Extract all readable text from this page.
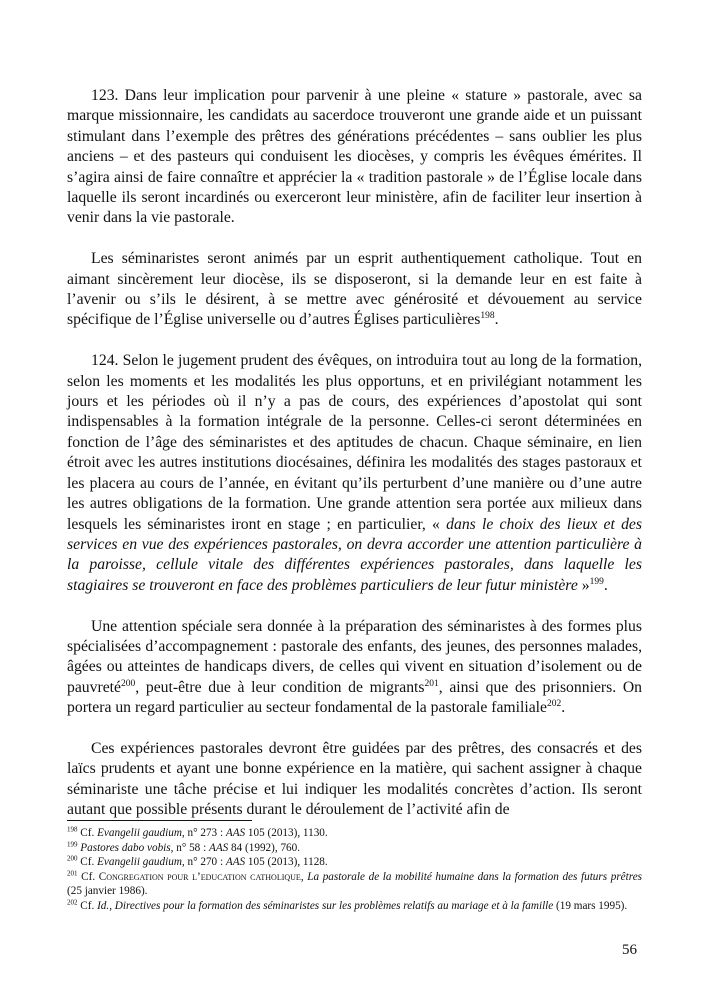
123. Dans leur implication pour parvenir à une pleine « stature » pastorale, avec sa marque missionnaire, les candidats au sacerdoce trouveront une grande aide et un puissant stimulant dans l’exemple des prêtres des générations précédentes – sans oublier les plus anciens – et des pasteurs qui conduisent les diocèses, y compris les évêques émérites. Il s’agira ainsi de faire connaître et apprécier la « tradition pastorale » de l’Église locale dans laquelle ils seront incardinés ou exerceront leur ministère, afin de faciliter leur insertion à venir dans la vie pastorale.

Les séminaristes seront animés par un esprit authentiquement catholique. Tout en aimant sincèrement leur diocèse, ils se disposeront, si la demande leur en est faite à l’avenir ou s’ils le désirent, à se mettre avec générosité et dévouement au service spécifique de l’Église universelle ou d’autres Églises particulières$^{198}$.

124. Selon le jugement prudent des évêques, on introduira tout au long de la formation, selon les moments et les modalités les plus opportuns, et en privilégiant notamment les jours et les périodes où il n’y a pas de cours, des expériences d’apostolat qui sont indispensables à la formation intégrale de la personne. Celles-ci seront déterminées en fonction de l’âge des séminaristes et des aptitudes de chacun. Chaque séminaire, en lien étroit avec les autres institutions diocésaines, définira les modalités des stages pastoraux et les placera au cours de l’année, en évitant qu’ils perturbent d’une manière ou d’une autre les autres obligations de la formation. Une grande attention sera portée aux milieux dans lesquels les séminaristes iront en stage ; en particulier, « dans le choix des lieux et des services en vue des expériences pastorales, on devra accorder une attention particulière à la paroisse, cellule vitale des différentes expériences pastorales, dans laquelle les stagiaires se trouveront en face des problèmes particuliers de leur futur ministère »$^{199}$.

Une attention spéciale sera donnée à la préparation des séminaristes à des formes plus spécialisées d’accompagnement : pastorale des enfants, des jeunes, des personnes malades, âgées ou atteintes de handicaps divers, de celles qui vivent en situation d’isolement ou de pauvreté$^{200}$, peut-être due à leur condition de migrants$^{201}$, ainsi que des prisonniers. On portera un regard particulier au secteur fondamental de la pastorale familiale$^{202}$.

Ces expériences pastorales devront être guidées par des prêtres, des consacrés et des laïcs prudents et ayant une bonne expérience en la matière, qui sachent assigner à chaque séminariste une tâche précise et lui indiquer les modalités concrètes d’action. Ils seront autant que possible présents durant le déroulement de l’activité afin de

$^{198}$ Cf. Evangelii gaudium, n° 273 : AAS 105 (2013), 1130.
$^{199}$ Pastores dabo vobis, n° 58 : AAS 84 (1992), 760.
$^{200}$ Cf. Evangelii gaudium, n° 270 : AAS 105 (2013), 1128.
$^{201}$ Cf. Congregation pour l’education catholique, La pastorale de la mobilité humaine dans la formation des futurs prêtres (25 janvier 1986).
$^{202}$ Cf. Id., Directives pour la formation des séminaristes sur les problèmes relatifs au mariage et à la famille (19 mars 1995).
56
